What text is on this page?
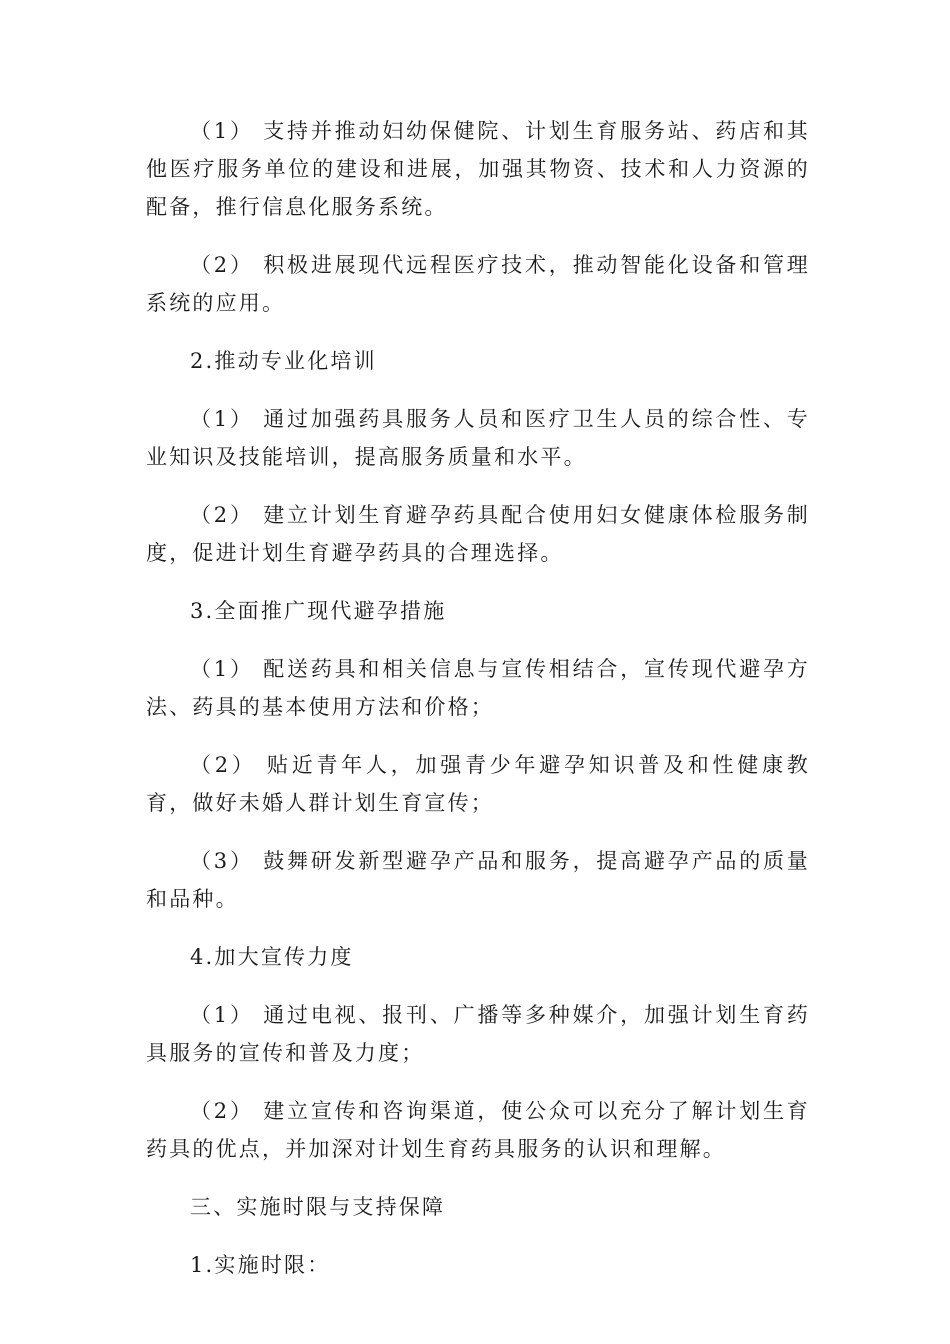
（1） 支持并推动妇幼保健院、计划生育服务站、药店和其他医疗服务单位的建设和进展，加强其物资、技术和人力资源的配备，推行信息化服务系统。

（2） 积极进展现代远程医疗技术，推动智能化设备和管理系统的应用。

2.推动专业化培训

（1） 通过加强药具服务人员和医疗卫生人员的综合性、专业知识及技能培训，提高服务质量和水平。

（2） 建立计划生育避孕药具配合使用妇女健康体检服务制度，促进计划生育避孕药具的合理选择。

3.全面推广现代避孕措施

（1） 配送药具和相关信息与宣传相结合，宣传现代避孕方法、药具的基本使用方法和价格；

（2） 贴近青年人，加强青少年避孕知识普及和性健康教育，做好未婚人群计划生育宣传；

（3） 鼓舞研发新型避孕产品和服务，提高避孕产品的质量和品种。

4.加大宣传力度

（1） 通过电视、报刊、广播等多种媒介，加强计划生育药具服务的宣传和普及力度；

（2） 建立宣传和咨询渠道，使公众可以充分了解计划生育药具的优点，并加深对计划生育药具服务的认识和理解。

三、实施时限与支持保障

1.实施时限：
